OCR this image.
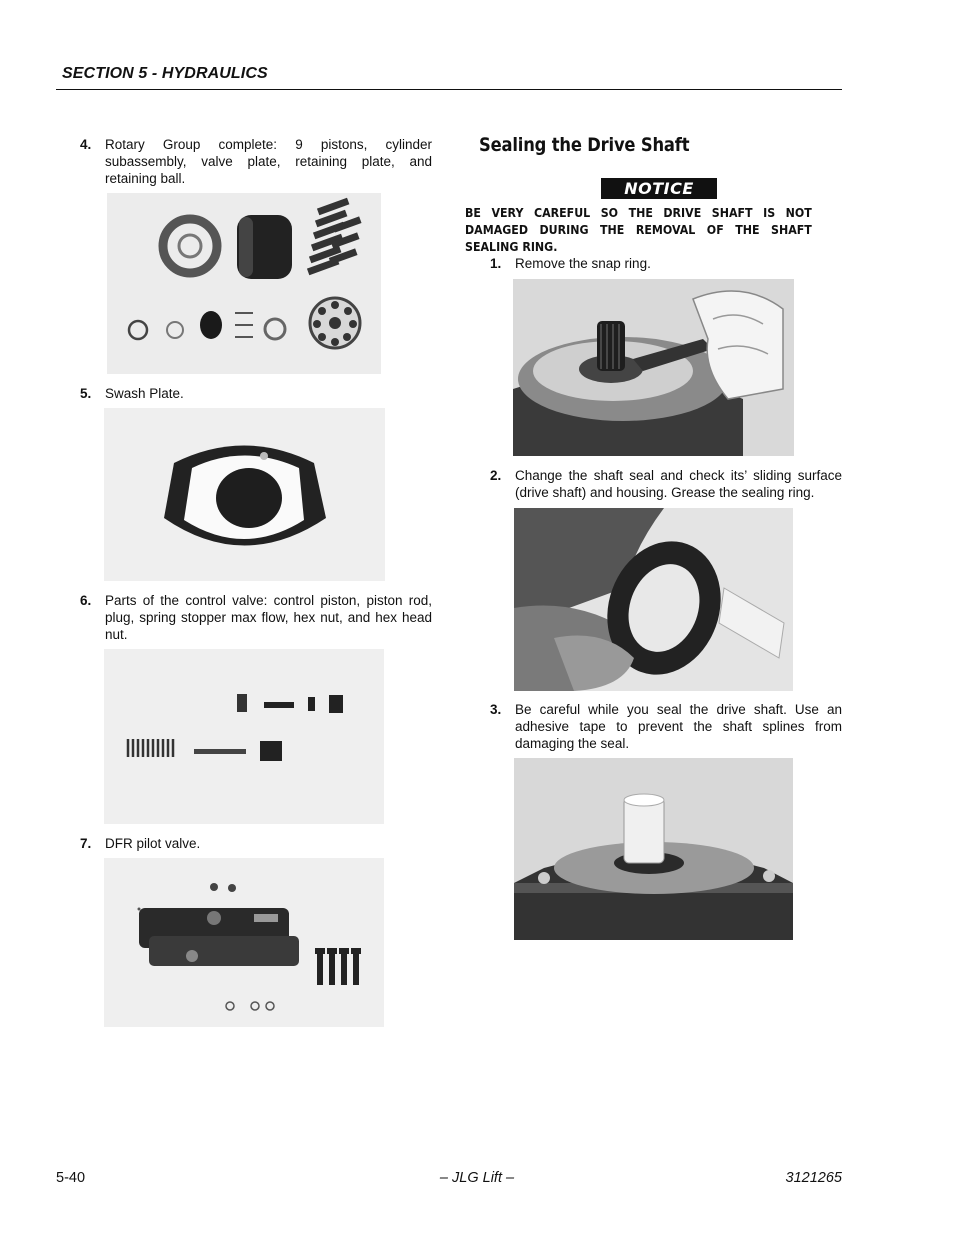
SECTION 5 - HYDRAULICS
4. Rotary Group complete: 9 pistons, cylinder subassembly, valve plate, retaining plate, and retaining ball.
5. Swash Plate.
6. Parts of the control valve: control piston, piston rod, plug, spring stopper max flow, hex nut, and hex head nut.
7. DFR pilot valve.
Sealing the Drive Shaft
NOTICE
BE VERY CAREFUL SO THE DRIVE SHAFT IS NOT DAMAGED DURING THE REMOVAL OF THE SHAFT SEALING RING.
1. Remove the snap ring.
2. Change the shaft seal and check its’ sliding surface (drive shaft) and housing. Grease the sealing ring.
3. Be careful while you seal the drive shaft. Use an adhesive tape to prevent the shaft splines from damaging the seal.
5-40	– JLG Lift –	3121265
